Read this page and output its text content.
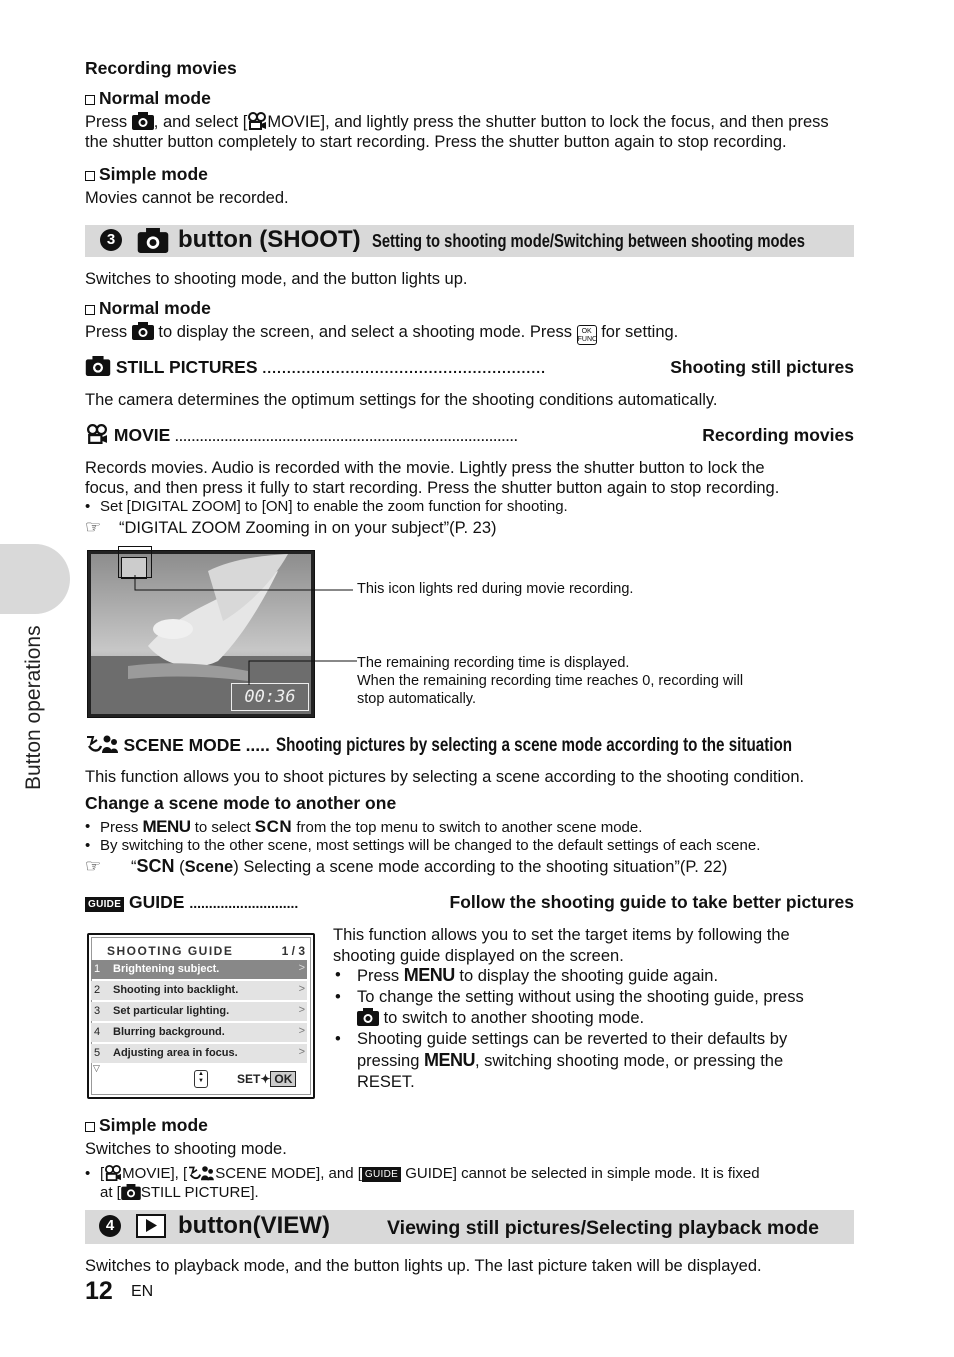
Button operations
Recording movies
Normal mode
Press , and select [ MOVIE], and lightly press the shutter button to lock the focus, and then press
the shutter button completely to start recording. Press the shutter button again to stop recording.
Simple mode
Movies cannot be recorded.
3	button (SHOOT) Setting to shooting mode/Switching between shooting modes
Switches to shooting mode, and the button lights up.
Normal mode
Press to display the screen, and select a shooting mode. Press OK
FUNC for setting.
STILL PICTURES ..........................................................	Shooting still pictures
The camera determines the optimum settings for the shooting conditions automatically.
MOVIE ...................................................................................	Recording movies
Records movies. Audio is recorded with the movie. Lightly press the shutter button to lock the
focus, and then press it fully to start recording. Press the shutter button again to stop recording.
• Set [DIGITAL ZOOM] to [ON] to enable the zoom function for shooting.
☞ “DIGITAL ZOOM Zooming in on your subject”(P. 23)
00:36
This icon lights red during movie recording.
The remaining recording time is displayed.
When the remaining recording time reaches 0, recording will
stop automatically.
SCENE MODE ..... Shooting pictures by selecting a scene mode according to the situation
This function allows you to shoot pictures by selecting a scene according to the shooting condition.
Change a scene mode to another one
• Press MENU to select SCN from the top menu to switch to another scene mode.
• By switching to the other scene, most settings will be changed to the default settings of each scene.
☞ “SCN (Scene) Selecting a scene mode according to the shooting situation”(P. 22)
GUIDE GUIDE ............................	Follow the shooting guide to take better pictures
SHOOTING GUIDE	1 / 3
1 Brightening subject.	>
2 Shooting into backlight.	>
3 Set particular lighting.	>
4 Blurring background.	>
5 Adjusting area in focus.	>
▽
▲
▼	SET✦ OK
This function allows you to set the target items by following the
shooting guide displayed on the screen.
• Press MENU to display the shooting guide again.
• To change the setting without using the shooting guide, press
to switch to another shooting mode.
• Shooting guide settings can be reverted to their defaults by
pressing MENU, switching shooting mode, or pressing the
RESET.
Simple mode
Switches to shooting mode.
• [ MOVIE], [ SCENE MODE], and [ GUIDE GUIDE] cannot be selected in simple mode. It is fixed
at [ STILL PICTURE].
4	button(VIEW)	Viewing still pictures/Selecting playback mode
Switches to playback mode, and the button lights up. The last picture taken will be displayed.
12 EN
